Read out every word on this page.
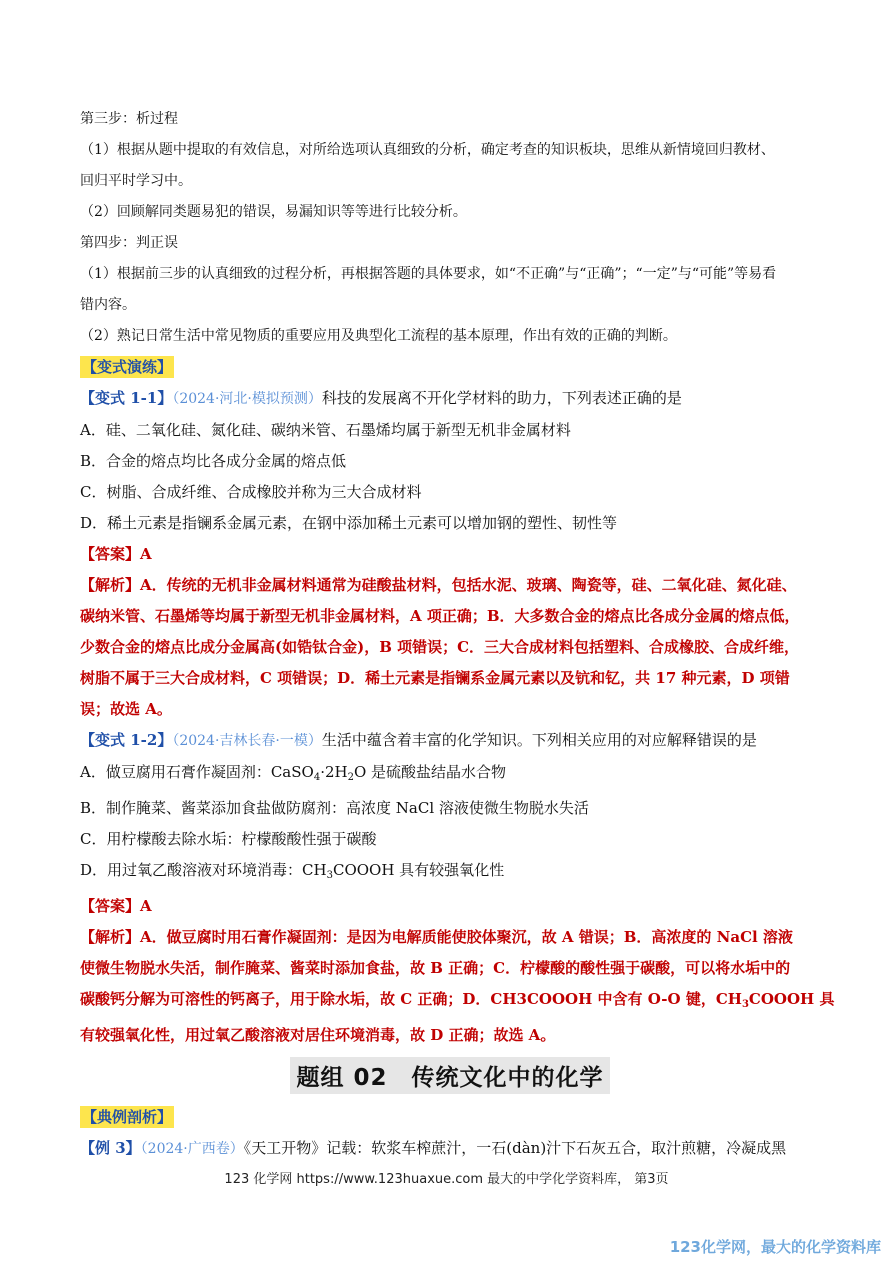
第三步：析过程
（1）根据从题中提取的有效信息，对所给选项认真细致的分析，确定考查的知识板块，思维从新情境回归教材、
回归平时学习中。
（2）回顾解同类题易犯的错误，易漏知识等等进行比较分析。
第四步：判正误
（1）根据前三步的认真细致的过程分析，再根据答题的具体要求，如“不正确”与“正确”；“一定”与“可能”等易看
错内容。
（2）熟记日常生活中常见物质的重要应用及典型化工流程的基本原理，作出有效的正确的判断。
【变式演练】
【变式 1-1】（2024·河北·模拟预测）科技的发展离不开化学材料的助力，下列表述正确的是
A．硅、二氧化硅、氮化硅、碳纳米管、石墨烯均属于新型无机非金属材料
B．合金的熔点均比各成分金属的熔点低
C．树脂、合成纤维、合成橡胶并称为三大合成材料
D．稀土元素是指镧系金属元素，在钢中添加稀土元素可以增加钢的塑性、韧性等
【答案】A
【解析】A．传统的无机非金属材料通常为硅酸盐材料，包括水泥、玻璃、陶瓷等，硅、二氧化硅、氮化硅、
碳纳米管、石墨烯等均属于新型无机非金属材料，A 项正确；B．大多数合金的熔点比各成分金属的熔点低，
少数合金的熔点比成分金属高(如锆钛合金)，B 项错误；C．三大合成材料包括塑料、合成橡胶、合成纤维，
树脂不属于三大合成材料，C 项错误；D．稀土元素是指镧系金属元素以及钪和钇，共 17 种元素，D 项错
误；故选 A。
【变式 1-2】（2024·吉林长春·一模）生活中蕴含着丰富的化学知识。下列相关应用的对应解释错误的是
A．做豆腐用石膏作凝固剂：$CaSO_4\cdot 2H_2O$ 是硫酸盐结晶水合物
B．制作腌菜、酱菜添加食盐做防腐剂：高浓度 NaCl 溶液使微生物脱水失活
C．用柠檬酸去除水垢：柠檬酸酸性强于碳酸
D．用过氧乙酸溶液对环境消毒：$CH_3COOOH$ 具有较强氧化性
【答案】A
【解析】A．做豆腐时用石膏作凝固剂：是因为电解质能使胶体聚沉，故 A 错误；B．高浓度的 NaCl 溶液
使微生物脱水失活，制作腌菜、酱菜时添加食盐，故 B 正确；C．柠檬酸的酸性强于碳酸，可以将水垢中的
碳酸钙分解为可溶性的钙离子，用于除水垢，故 C 正确；D．CH3COOOH 中含有 O-O 键，$CH_3COOOH$ 具
有较强氧化性，用过氧乙酸溶液对居住环境消毒，故 D 正确；故选 A。
题组 02　传统文化中的化学
【典例剖析】
【例 3】（2024·广西卷）《天工开物》记载：软浆车榨蔗汁，一石(dàn)汁下石灰五合，取汁煎糖，冷凝成黑
123 化学网 https://www.123huaxue.com 最大的中学化学资料库， 第3页
123化学网，最大的化学资料库
